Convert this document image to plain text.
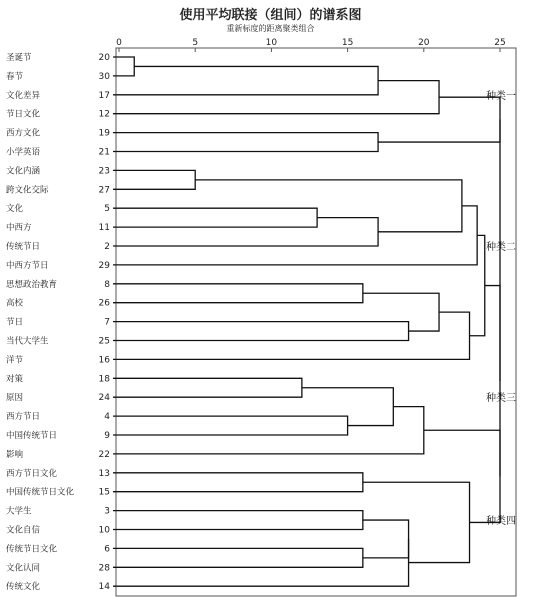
使用平均联接（组间）的谱系图
重新标度的距离聚类组合
0	5	10	15	20	25
圣诞节	20
春节	30
文化差异	17
节日文化	12
西方文化	19
小学英语	21
文化内涵	23
跨文化交际	27
文化	5
中西方	11
传统节日	2
中西方节日	29
思想政治教育	8
高校	26
节日	7
当代大学生	25
洋节	16
对策	18
原因	24
西方节日	4
中国传统节日	9
影响	22
西方节日文化	13
中国传统节日文化	15
大学生	3
文化自信	10
传统节日文化	6
文化认同	28
传统文化	14
种类一
种类二
种类三
种类四
